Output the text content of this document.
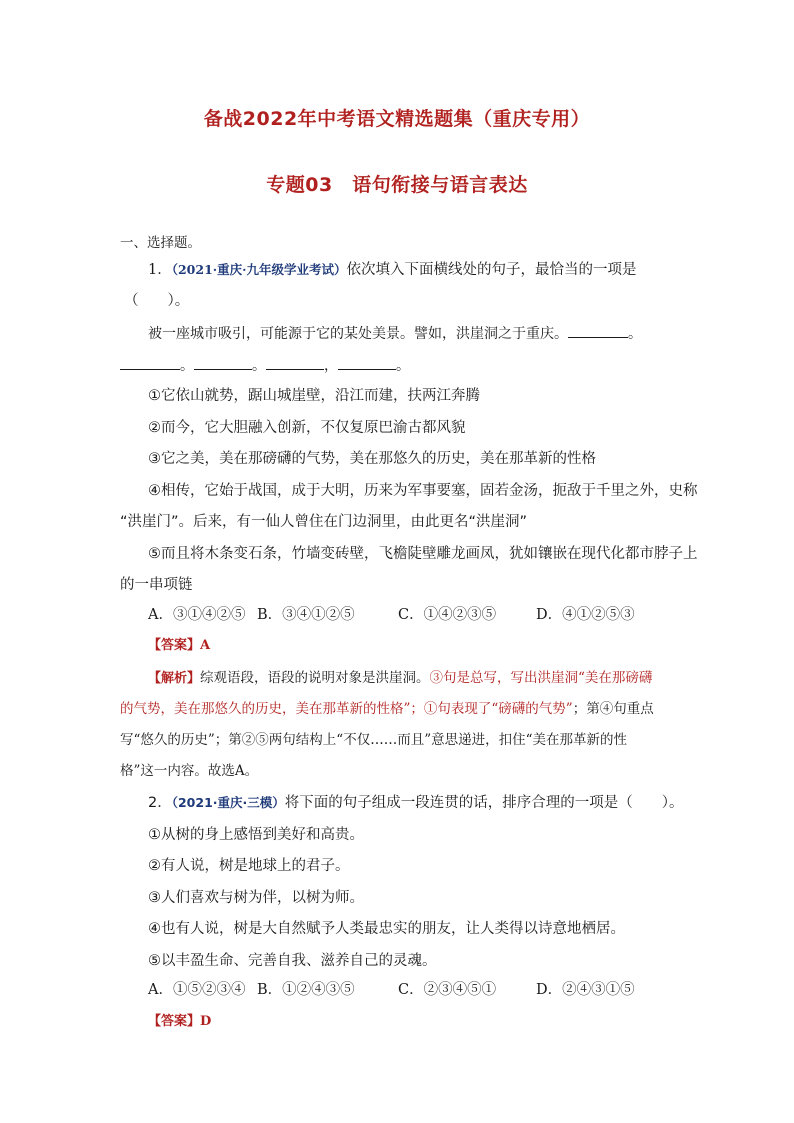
备战2022年中考语文精选题集（重庆专用）
专题03　语句衔接与语言表达
一、选择题。
1．（2021·重庆·九年级学业考试）依次填入下面横线处的句子，最恰当的一项是
（　　）。
被一座城市吸引，可能源于它的某处美景。譬如，洪崖洞之于重庆。	。
。	。	，	。
①它依山就势，踞山城崖壁，沿江而建，扶两江奔腾
②而今，它大胆融入创新，不仅复原巴渝古都风貌
③它之美，美在那磅礴的气势，美在那悠久的历史，美在那革新的性格
④相传，它始于战国，成于大明，历来为军事要塞，固若金汤，扼敌于千里之外，史称
“洪崖门”。后来，有一仙人曾住在门边洞里，由此更名“洪崖洞”
⑤而且将木条变石条，竹墙变砖壁，飞檐陡壁雕龙画凤，犹如镶嵌在现代化都市脖子上
的一串项链
A．③①④②⑤ B．③④①②⑤	C．①④②③⑤	D．④①②⑤③
【答案】A
【解析】综观语段，语段的说明对象是洪崖洞。③句是总写，写出洪崖洞“美在那磅礴
的气势，美在那悠久的历史，美在那革新的性格”；①句表现了“磅礴的气势”；第④句重点
写“悠久的历史”；第②⑤两句结构上“不仅……而且”意思递进，扣住“美在那革新的性
格”这一内容。故选A。
2．（2021·重庆·三模）将下面的句子组成一段连贯的话，排序合理的一项是（　　）。
①从树的身上感悟到美好和高贵。
②有人说，树是地球上的君子。
③人们喜欢与树为伴，以树为师。
④也有人说，树是大自然赋予人类最忠实的朋友，让人类得以诗意地栖居。
⑤以丰盈生命、完善自我、滋养自己的灵魂。
A．①⑤②③④ B．①②④③⑤	C．②③④⑤①	D．②④③①⑤
【答案】D
